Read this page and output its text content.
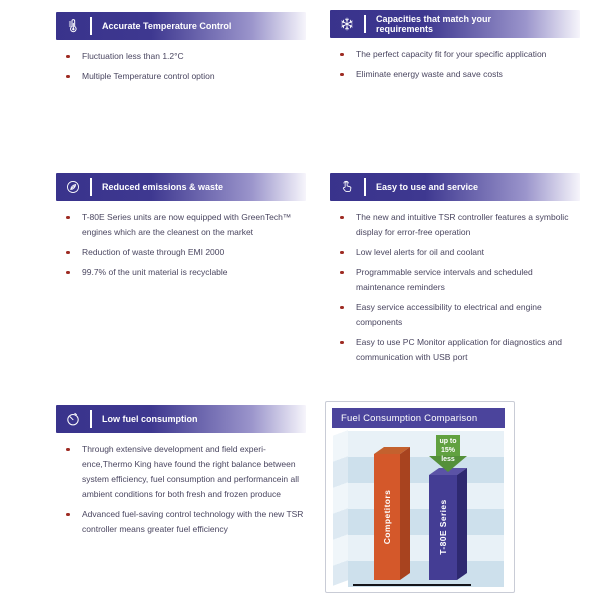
Accurate Temperature Control
Fluctuation less than 1.2°C
Multiple Temperature control option
Capacities that match your requirements
The perfect capacity fit for your specific application
Eliminate energy waste and save costs
Reduced emissions & waste
T-80E Series units are now equipped with GreenTech™ engines which are the cleanest on the market
Reduction of waste through EMI 2000
99.7% of the unit material is recyclable
Easy to use and service
The new and intuitive TSR controller features a symbolic display for error-free operation
Low level alerts for oil and coolant
Programmable service intervals and scheduled maintenance reminders
Easy service accessibility to electrical and engine components
Easy to use PC Monitor application for diagnostics and communication with USB port
Low fuel consumption
Through extensive development and field experi-ence,Thermo King have found the right balance between system efficiency, fuel consumption and performancein all ambient conditions for both fresh and frozen produce
Advanced fuel-saving control technology with the new TSR controller means greater fuel efficiency
Fuel Consumption Comparison
Competitors	T-80E Series
up to
15%
less
